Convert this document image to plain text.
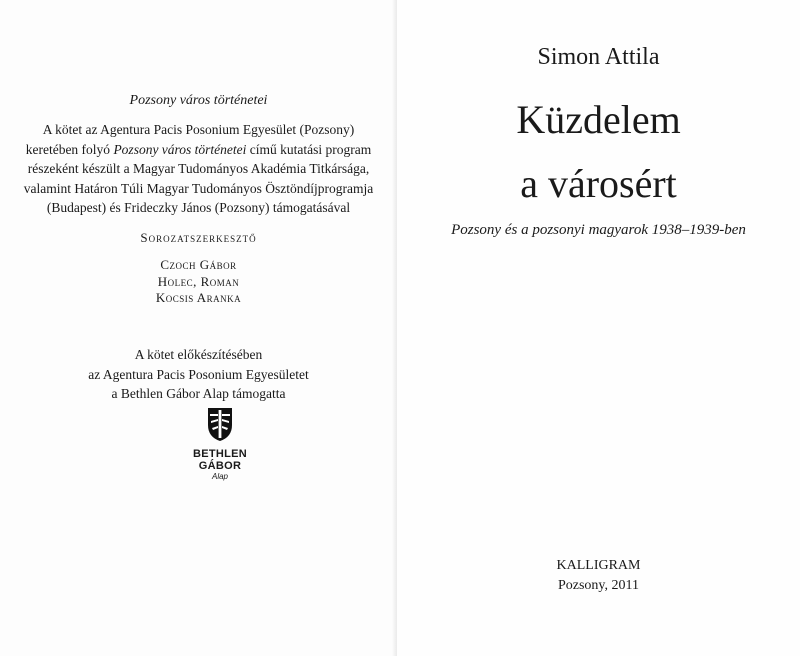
Pozsony város történetei
A kötet az Agentura Pacis Posonium Egyesület (Pozsony)
keretében folyó Pozsony város történetei című kutatási program
részeként készült a Magyar Tudományos Akadémia Titkársága,
valamint Határon Túli Magyar Tudományos Ösztöndíjprogramja
(Budapest) és Frideczky János (Pozsony) támogatásával
Sorozatszerkesztő
Czoch Gábor
Holec, Roman
Kocsis Aranka
A kötet előkészítésében
az Agentura Pacis Posonium Egyesületet
a Bethlen Gábor Alap támogatta
BETHLEN GÁBOR
Alap
Simon Attila
Küzdelem
a városért
Pozsony és a pozsonyi magyarok 1938–1939-ben
KALLIGRAM
Pozsony, 2011
